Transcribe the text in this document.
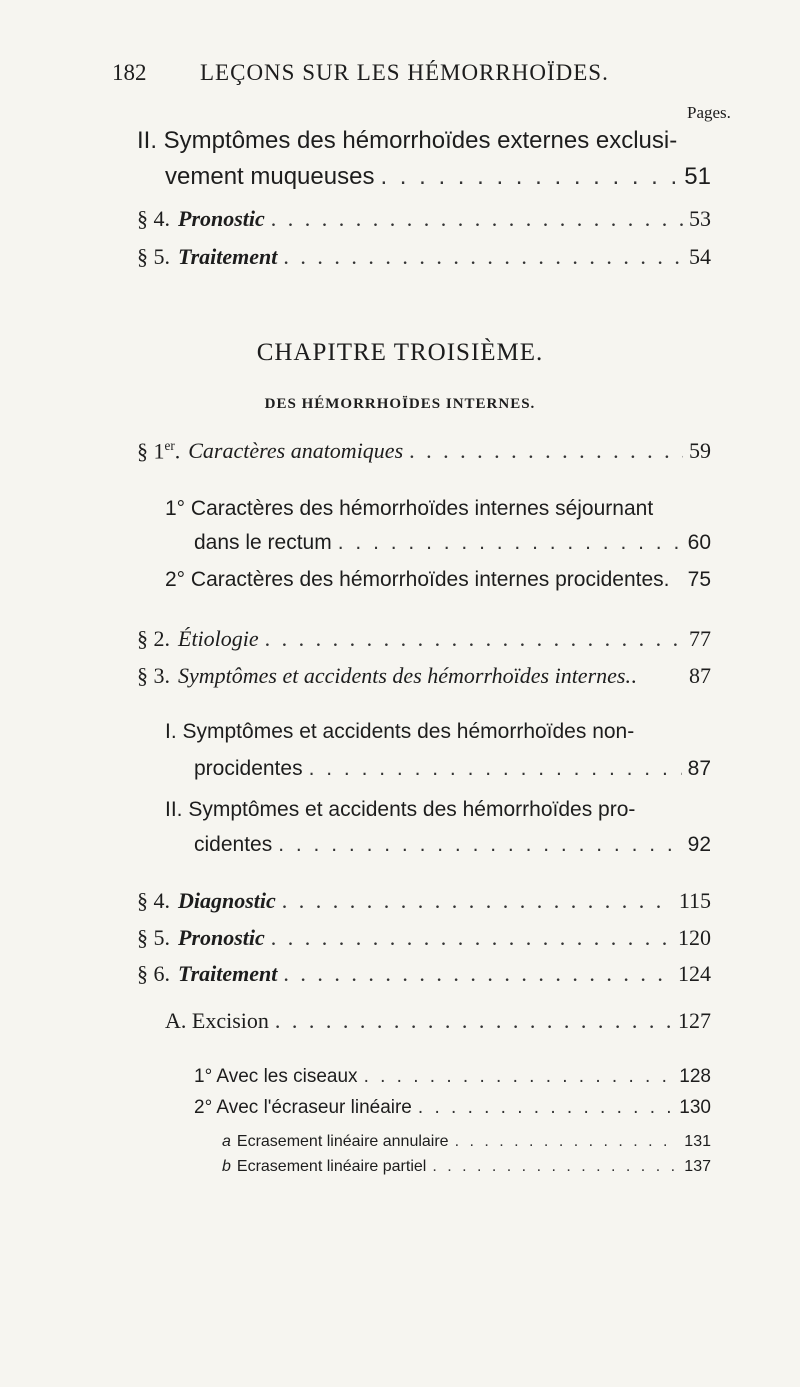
182 LEÇONS SUR LES HÉMORRHOÏDES.
Pages.
II. Symptômes des hémorrhoïdes externes exclusi-
vement muqueuses . . .	51
§ 4. Pronostic . . .	53
§ 5. Traitement . . .	54
CHAPITRE TROISIÈME.
DES HÉMORRHOÏDES INTERNES.
§ 1er. Caractères anatomiques . . .	59
1° Caractères des hémorrhoïdes internes séjournant
dans le rectum . . .	60
2° Caractères des hémorrhoïdes internes procidentes. 75
§ 2. Étiologie . . .	77
§ 3. Symptômes et accidents des hémorrhoïdes internes. .	87
I. Symptômes et accidents des hémorrhoïdes non-
procidentes . . .	87
II. Symptômes et accidents des hémorrhoïdes pro-
cidentes . . .	92
§ 4. Diagnostic . . .	115
§ 5. Pronostic . . .	120
§ 6. Traitement . . .	124
A. Excision . . .	127
1° Avec les ciseaux . . .	128
2° Avec l'écraseur linéaire . . .	130
a Ecrasement linéaire annulaire . . .	131
b Ecrasement linéaire partiel . . .	137
